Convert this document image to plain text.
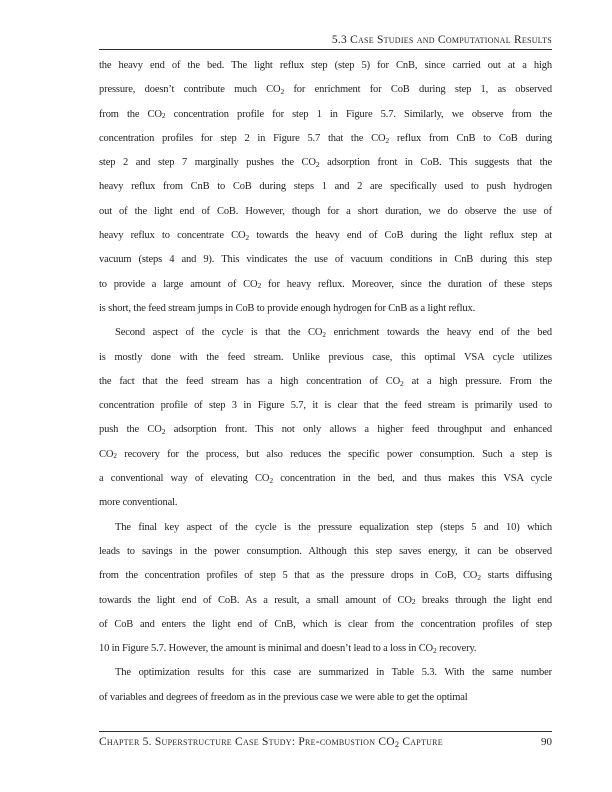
5.3 Case Studies and Computational Results
the heavy end of the bed. The light reflux step (step 5) for CnB, since carried out at a high
pressure, doesn’t contribute much $CO_2$ for enrichment for CoB during step 1, as observed
from the $CO_2$ concentration profile for step 1 in Figure 5.7. Similarly, we observe from the
concentration profiles for step 2 in Figure 5.7 that the $CO_2$ reflux from CnB to CoB during
step 2 and step 7 marginally pushes the $CO_2$ adsorption front in CoB. This suggests that the
heavy reflux from CnB to CoB during steps 1 and 2 are specifically used to push hydrogen
out of the light end of CoB. However, though for a short duration, we do observe the use of
heavy reflux to concentrate $CO_2$ towards the heavy end of CoB during the light reflux step at
vacuum (steps 4 and 9). This vindicates the use of vacuum conditions in CnB during this step
to provide a large amount of $CO_2$ for heavy reflux. Moreover, since the duration of these steps
is short, the feed stream jumps in CoB to provide enough hydrogen for CnB as a light reflux.
Second aspect of the cycle is that the $CO_2$ enrichment towards the heavy end of the bed
is mostly done with the feed stream. Unlike previous case, this optimal VSA cycle utilizes
the fact that the feed stream has a high concentration of $CO_2$ at a high pressure. From the
concentration profile of step 3 in Figure 5.7, it is clear that the feed stream is primarily used to
push the $CO_2$ adsorption front. This not only allows a higher feed throughput and enhanced
$CO_2$ recovery for the process, but also reduces the specific power consumption. Such a step is
a conventional way of elevating $CO_2$ concentration in the bed, and thus makes this VSA cycle
more conventional.
The final key aspect of the cycle is the pressure equalization step (steps 5 and 10) which
leads to savings in the power consumption. Although this step saves energy, it can be observed
from the concentration profiles of step 5 that as the pressure drops in CoB, $CO_2$ starts diffusing
towards the light end of CoB. As a result, a small amount of $CO_2$ breaks through the light end
of CoB and enters the light end of CnB, which is clear from the concentration profiles of step
10 in Figure 5.7. However, the amount is minimal and doesn’t lead to a loss in $CO_2$ recovery.
The optimization results for this case are summarized in Table 5.3. With the same number
of variables and degrees of freedom as in the previous case we were able to get the optimal
Chapter 5. Superstructure Case Study: Pre-combustion $CO_2$ Capture	90
